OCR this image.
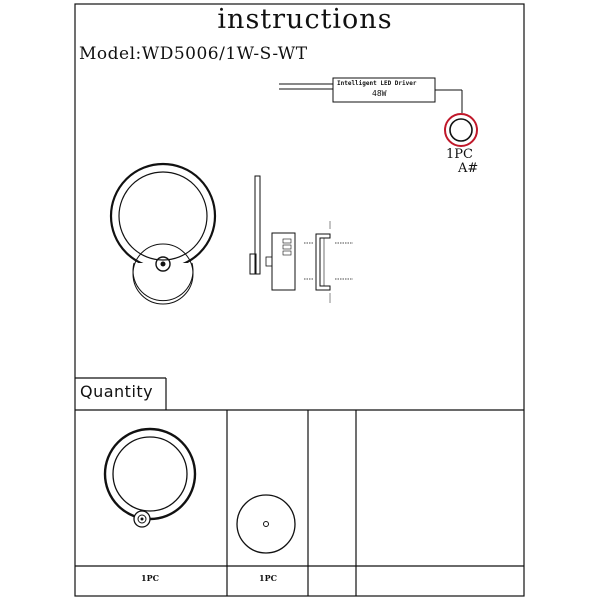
instructions
Model:WD5006/1W-S-WT
Intelligent LED Driver
48W
1PC
A#
Quantity
1PC	1PC
